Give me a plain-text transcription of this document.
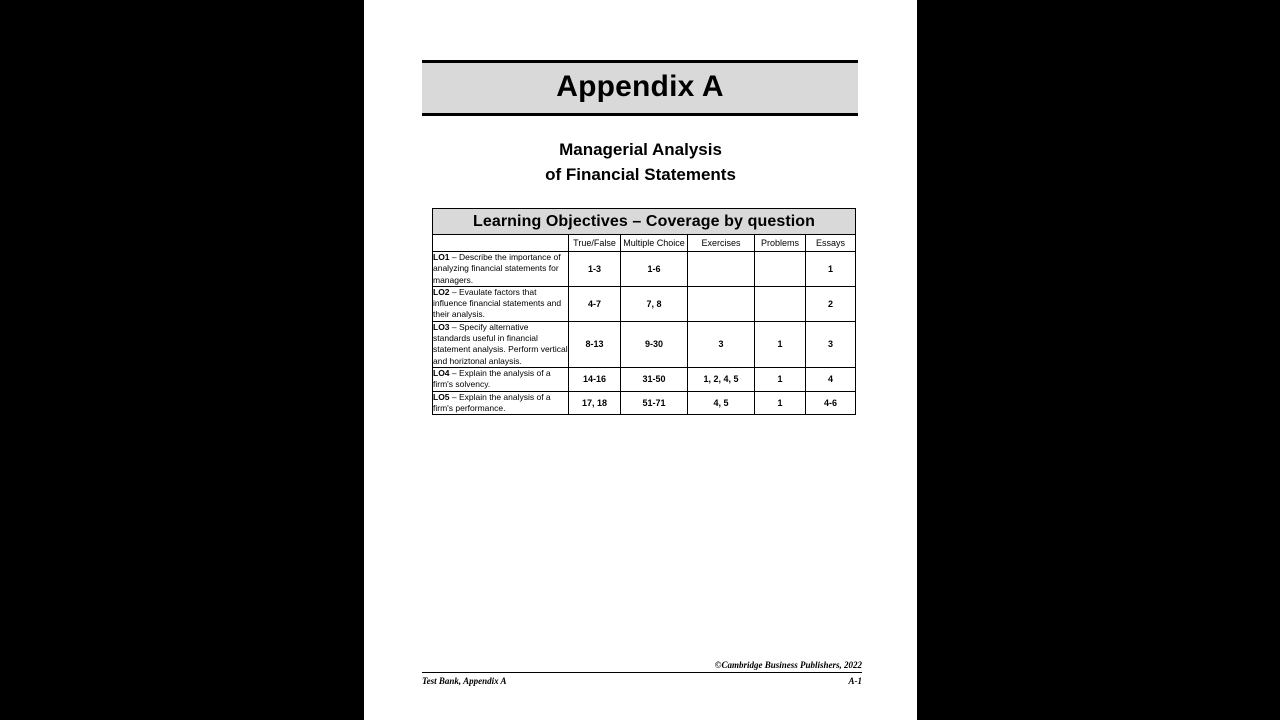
Appendix A
Managerial Analysis
of Financial Statements
Learning Objectives – Coverage by question					
	True/False	Multiple Choice	Exercises	Problems	Essays
LO1 – Describe the importance of analyzing financial statements for managers.	1-3	1-6			1
LO2 – Evaulate factors that influence financial statements and their analysis.	4-7	7, 8			2
LO3 – Specify alternative standards useful in financial statement analysis. Perform vertical and horiztonal anlaysis.	8-13	9-30	3	1	3
LO4 – Explain the analysis of a firm's solvency.	14-16	31-50	1, 2, 4, 5	1	4
LO5 – Explain the analysis of a firm's performance.	17, 18	51-71	4, 5	1	4-6
©Cambridge Business Publishers, 2022
Test Bank, Appendix A	A-1
